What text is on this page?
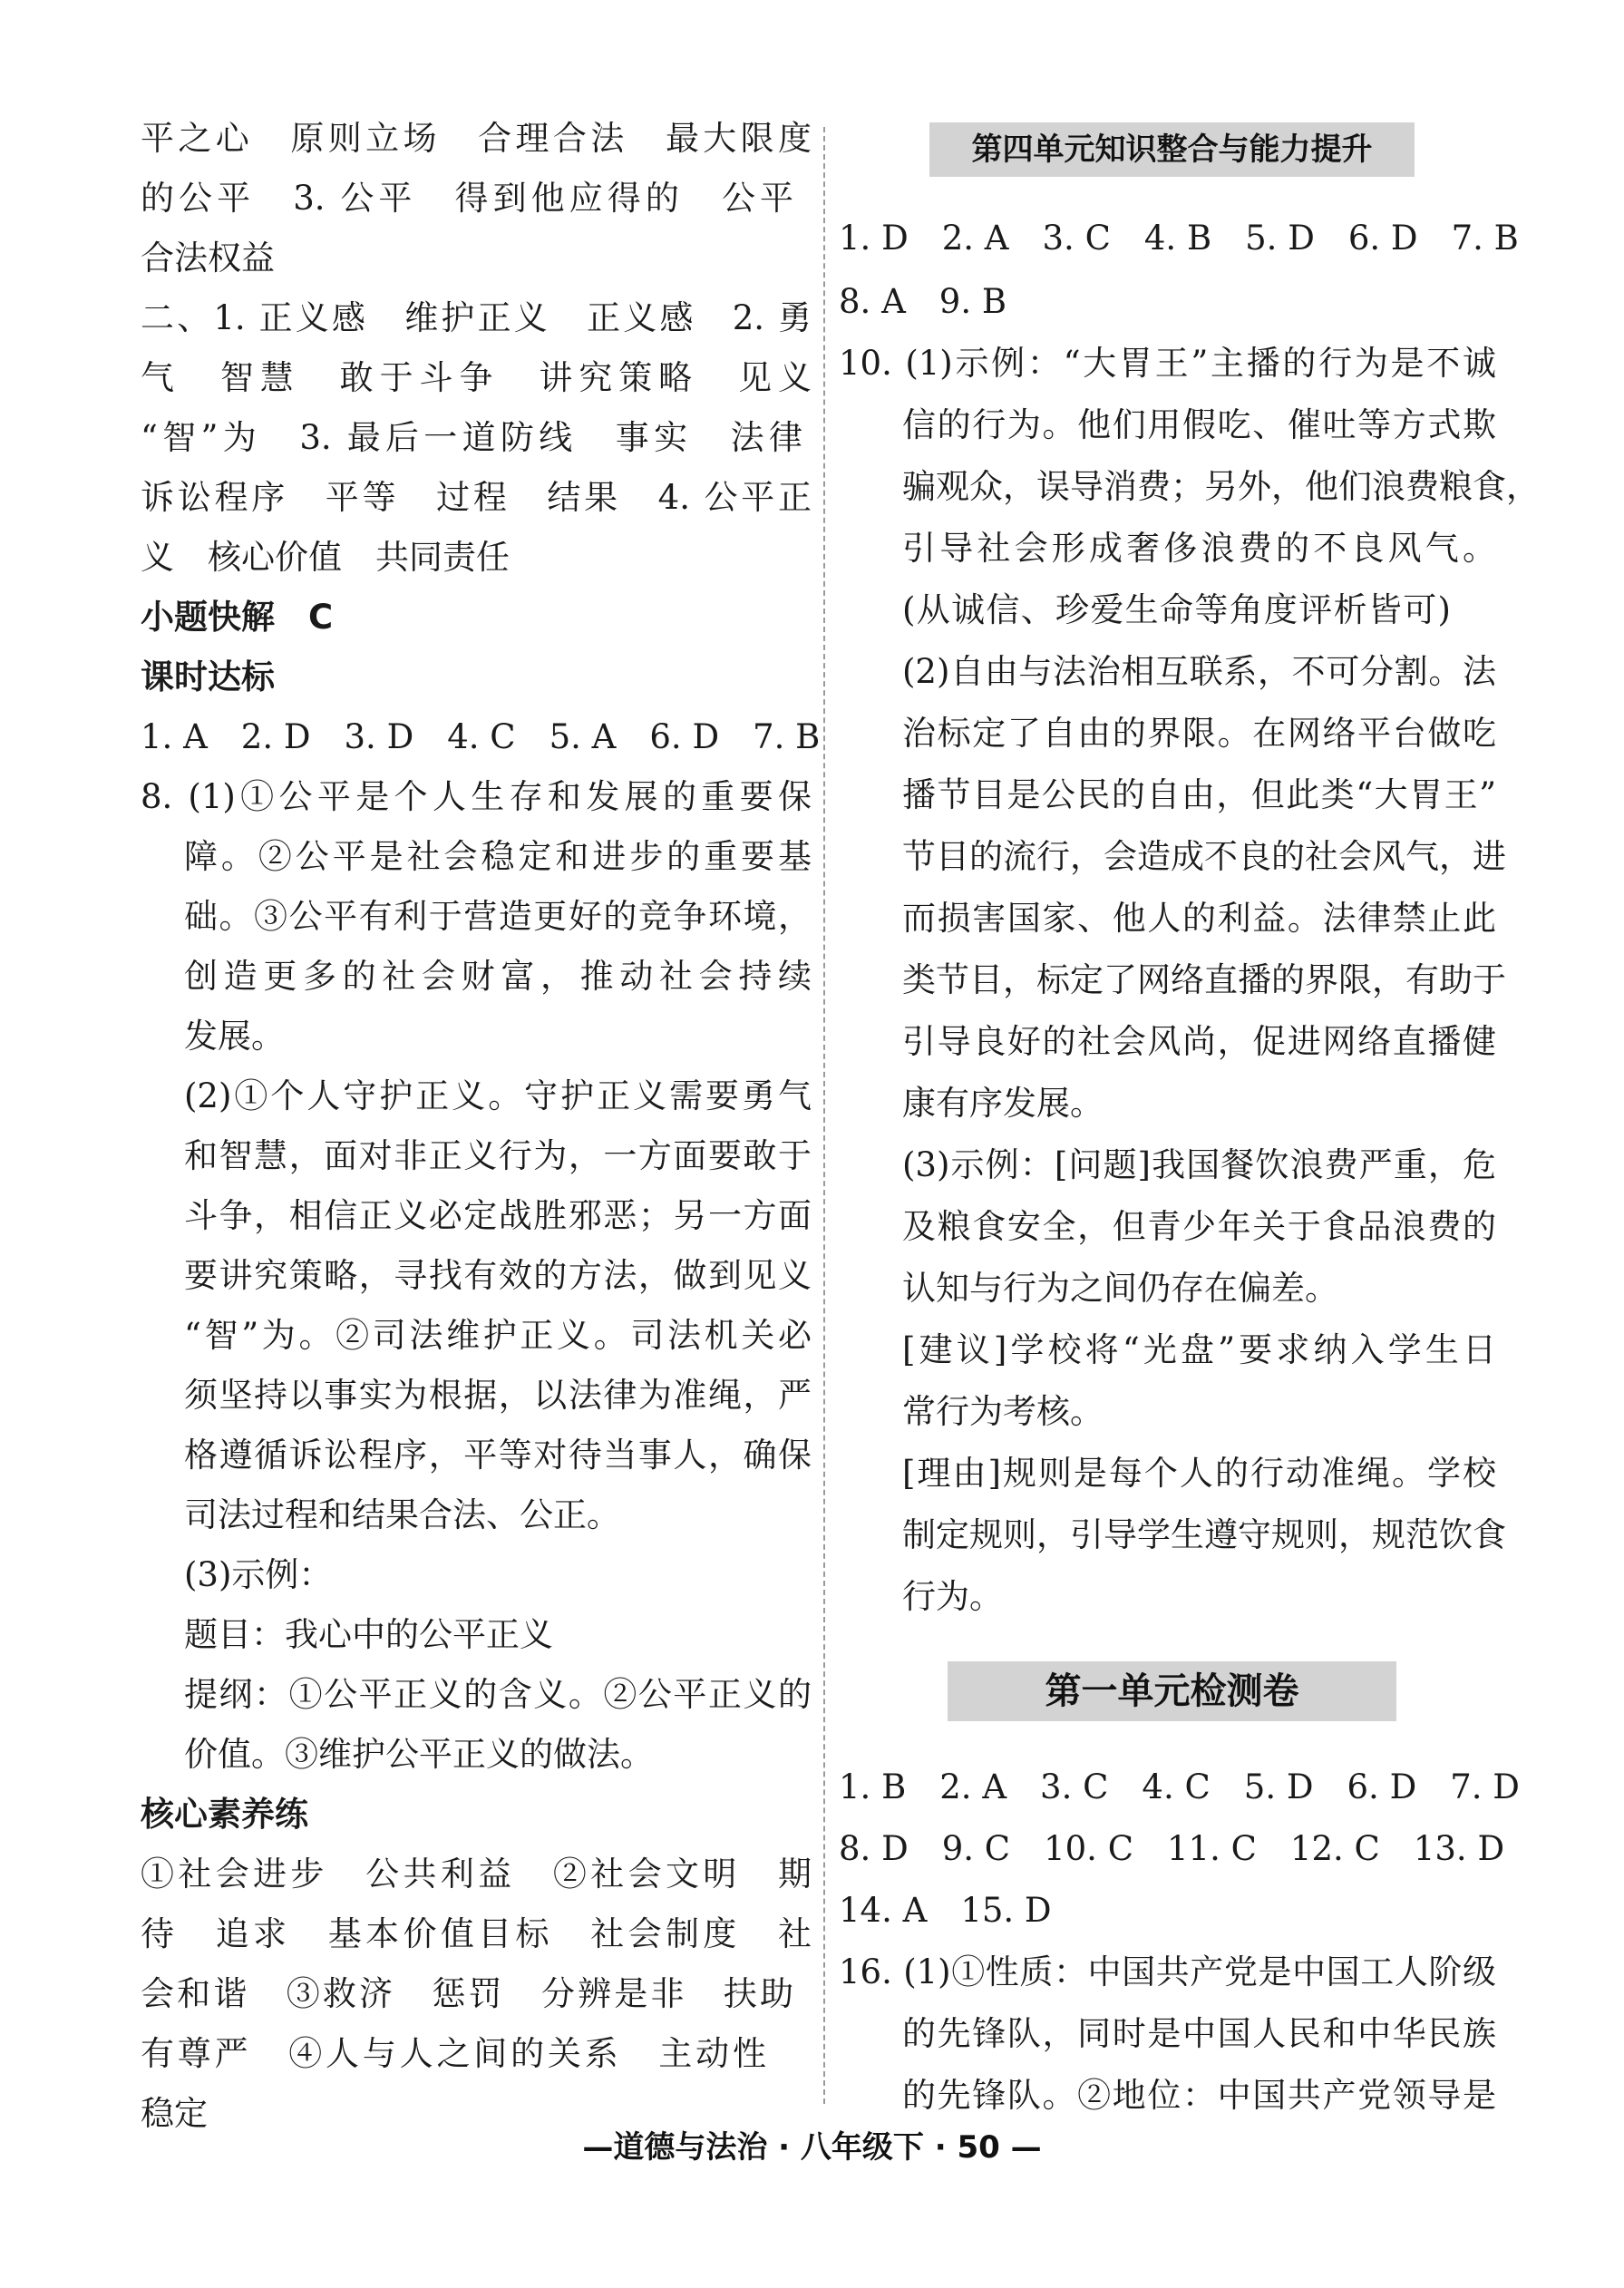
平之心　原则立场　合理合法　最大限度
的公平　3. 公平　得到他应得的　公平
合法权益
二、1. 正义感　维护正义　正义感　2. 勇
气　智慧　敢于斗争　讲究策略　见义
“智”为　3. 最后一道防线　事实　法律
诉讼程序　平等　过程　结果　4. 公平正
义　核心价值　共同责任
小题快解　C
课时达标
1. A　2. D　3. D　4. C　5. A　6. D　7. B
8. (1)①公平是个人生存和发展的重要保
障。②公平是社会稳定和进步的重要基
础。③公平有利于营造更好的竞争环境，
创造更多的社会财富，推动社会持续
发展。
(2)①个人守护正义。守护正义需要勇气
和智慧，面对非正义行为，一方面要敢于
斗争，相信正义必定战胜邪恶；另一方面
要讲究策略，寻找有效的方法，做到见义
“智”为。②司法维护正义。司法机关必
须坚持以事实为根据，以法律为准绳，严
格遵循诉讼程序，平等对待当事人，确保
司法过程和结果合法、公正。
(3)示例：
题目：我心中的公平正义
提纲：①公平正义的含义。②公平正义的
价值。③维护公平正义的做法。
核心素养练
①社会进步　公共利益　②社会文明　期
待　追求　基本价值目标　社会制度　社
会和谐　③救济　惩罚　分辨是非　扶助
有尊严　④人与人之间的关系　主动性
稳定
第四单元知识整合与能力提升
1. D　2. A　3. C　4. B　5. D　6. D　7. B
8. A　9. B
10. (1)示例：“大胃王”主播的行为是不诚
信的行为。他们用假吃、催吐等方式欺
骗观众，误导消费；另外，他们浪费粮食，
引导社会形成奢侈浪费的不良风气。
(从诚信、珍爱生命等角度评析皆可)
(2)自由与法治相互联系，不可分割。法
治标定了自由的界限。在网络平台做吃
播节目是公民的自由，但此类“大胃王”
节目的流行，会造成不良的社会风气，进
而损害国家、他人的利益。法律禁止此
类节目，标定了网络直播的界限，有助于
引导良好的社会风尚，促进网络直播健
康有序发展。
(3)示例：[问题]我国餐饮浪费严重，危
及粮食安全，但青少年关于食品浪费的
认知与行为之间仍存在偏差。
[建议]学校将“光盘”要求纳入学生日
常行为考核。
[理由]规则是每个人的行动准绳。学校
制定规则，引导学生遵守规则，规范饮食
行为。
第一单元检测卷
1. B　2. A　3. C　4. C　5. D　6. D　7. D
8. D　9. C　10. C　11. C　12. C　13. D
14. A　15. D
16. (1)①性质：中国共产党是中国工人阶级
的先锋队，同时是中国人民和中华民族
的先锋队。②地位：中国共产党领导是
—道德与法治 · 八年级下 · 50 —
